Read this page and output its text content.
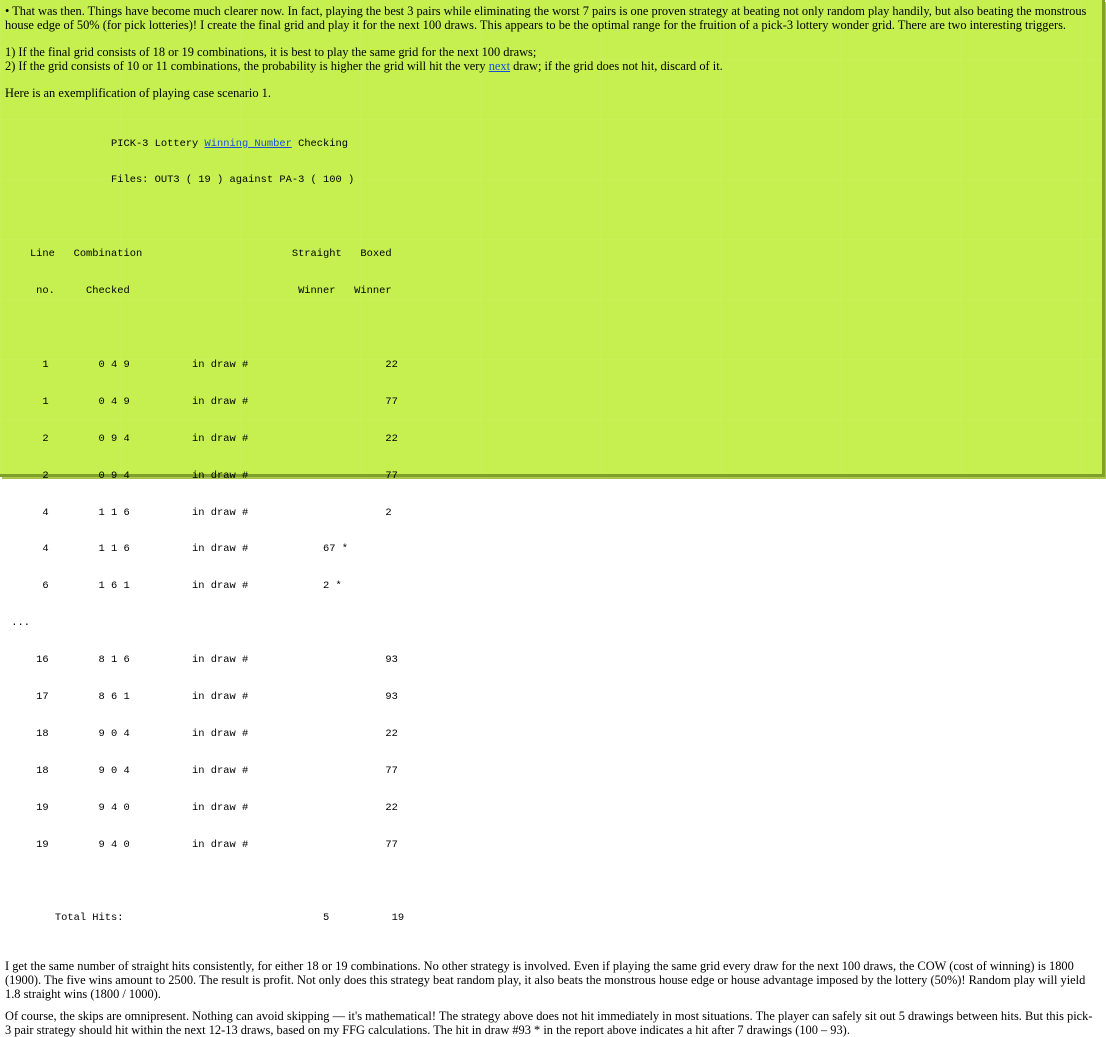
• That was then. Things have become much clearer now. In fact, playing the best 3 pairs while eliminating the worst 7 pairs is one proven strategy at beating not only random play handily, but also beating the monstrous house edge of 50% (for pick lotteries)! I create the final grid and play it for the next 100 draws. This appears to be the optimal range for the fruition of a pick-3 lottery wonder grid. There are two interesting triggers.

1) If the final grid consists of 18 or 19 combinations, it is best to play the same grid for the next 100 draws;

2) If the grid consists of 10 or 11 combinations, the probability is higher the grid will hit the very next draw; if the grid does not hit, discard of it.

Here is an exemplification of playing case scenario 1.

PICK-3 Lottery Winning Number Checking

Files: OUT3 ( 19 ) against PA-3 ( 100 )

Line   Combination                        Straight   Boxed

no.     Checked                           Winner   Winner

1        0 4 9          in draw #                      22

1        0 4 9          in draw #                      77

2        0 9 4          in draw #                      22

2        0 9 4          in draw #                      77

4        1 1 6          in draw #                      2

4        1 1 6          in draw #            67 *

6        1 6 1          in draw #            2 *

...

16        8 1 6          in draw #                      93

17        8 6 1          in draw #                      93

18        9 0 4          in draw #                      22

18        9 0 4          in draw #                      77

19        9 4 0          in draw #                      22

19        9 4 0          in draw #                      77

Total Hits:                                5          19

I get the same number of straight hits consistently, for either 18 or 19 combinations. No other strategy is involved. Even if playing the same grid every draw for the next 100 draws, the COW (cost of winning) is 1800 (1900). The five wins amount to 2500. The result is profit. Not only does this strategy beat random play, it also beats the monstrous house edge or house advantage imposed by the lottery (50%)! Random play will yield 1.8 straight wins (1800 / 1000).

Of course, the skips are omnipresent. Nothing can avoid skipping — it's mathematical! The strategy above does not hit immediately in most situations. The player can safely sit out 5 drawings between hits. But this pick-3 pair strategy should hit within the next 12-13 draws, based on my FFG calculations. The hit in draw #93 * in the report above indicates a hit after 7 drawings (100 – 93).
